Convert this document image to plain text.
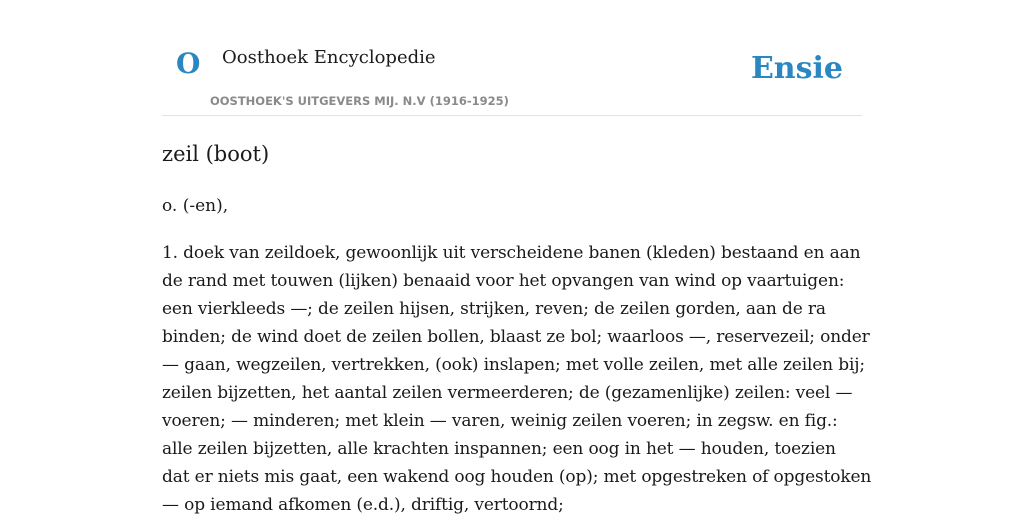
O Oosthoek Encyclopedie
OOSTHOEK'S UITGEVERS MIJ. N.V (1916-1925)
Ensie
zeil (boot)

o. (-en),

1. doek van zeildoek, gewoonlijk uit verscheidene banen (kleden) bestaand en aan
de rand met touwen (lijken) benaaid voor het opvangen van wind op vaartuigen:
een vierkleeds —; de zeilen hijsen, strijken, reven; de zeilen gorden, aan de ra
binden; de wind doet de zeilen bollen, blaast ze bol; waarloos —, reservezeil; onder
— gaan, wegzeilen, vertrekken, (ook) inslapen; met volle zeilen, met alle zeilen bij;
zeilen bijzetten, het aantal zeilen vermeerderen; de (gezamenlijke) zeilen: veel —
voeren; — minderen; met klein — varen, weinig zeilen voeren; in zegsw. en fig.:
alle zeilen bijzetten, alle krachten inspannen; een oog in het — houden, toezien
dat er niets mis gaat, een wakend oog houden (op); met opgestreken of opgestoken
— op iemand afkomen (e.d.), driftig, vertoornd;
